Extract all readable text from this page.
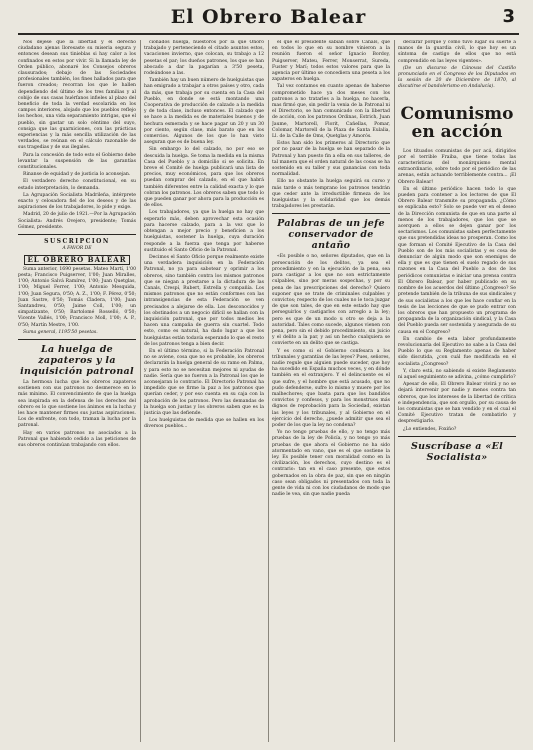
El Obrero Balear	3

Nos dejese que la libertad y el derecho ciudadano ajenas lloresaste su miseria segura y entonces desean sus tinieblas si hay calor a los confinados en estos por vivir. Si la llamada ley de Orden público, abonaré los Consejos obreros clausurados; debajo de las Sociedades profesionales también, los fines hallados para que fueron creados; recorran los que le hallen dependiendo del último de los tres familias y al cobijo de sus casas huérfanos infieles al plazo del beneficio de toda la verdad escolarida en los campos interiores, alojado que los pueblos reflejo los hechos, una vida separamiento intrigas, que el pueblo, sin gastar un solo céntimo del suyo, consiga que las guarniciones, con las prácticas experiencias y la más sencilla utilización de las verdades, se reúnan en el cálculo razonable de sus tragedias y de sus ilegales.

Para la concesión de todo esto el Gobierno debe levantar la suspensión de las garantías constitucionales.

Rinanse de equidad y de justicia lo aconsejan.

El verdadero derecho constitucional, en su estado interpretación, lo demanda.

La Agrupación Socialista Madrileña, intérprete exacto y celosadora fiel de los deseos y de las aspiraciones de los trabajadores, lo pide y exige.

Madrid, 20 de julio de 1921.—Por la Agrupación Socialista: Andrés Ovejero, presidente; Tomás Gómez, presidente.

SUSCRIPCION
A FAVOR DE
EL OBRERO BALEAR

Suma anterior, 1690 pesetas. Mateo Martí, 1'00 pesta; Francisco Puigserver, 1'00; Juan Miralles, 1'00; Antonio Salvá Ramírez, 1'00; Juan Quetglas, 1'00; Miguel Ferrer, 1'00; Antonio Mesquida, 1'00; Juan Segura, 0'50; A. Z., 1'00; F. Pérez, 0'50; Juan Sastre, 0'50; Tomás Cladera, 1'00; Juan Santandreu, 0'50; Jaime Coll, 1'00; un simpatizante, 0'50; Bartolomé Rosselló, 0'50; Vicente Vallés, 1'00; Francisco Moll, 1'00; A. P., 0'50; Martín Mestre, 1'00.

Suma general, 1195'50 pesetas.

La huelga de zapateros y la inquisición patronal

La hermosa lucha que los obreros zapateros sostienen con sus patronos no desmerece en lo más mínimo. El convencimiento de que la huelga sea inspirada en la defensa de los derechos del obrero es lo que sostiene los ánimos en la lucha y les hace mantener firmes sus justas aspiraciones. Los de enfrente, con todo, traman la lucha por la patronal.

Hay en varios patronos no asociados a la Patronal que habiendo cedido a las peticiones de sus obreros continúan trabajando con ellos.

cionados huelga, huéstoros por la que Oñoro trabajado y perteneciendo el citado asuntos estos, vacaciones invierno, que colocan, su trabajo a 12 pesetas el par; los dueños patrones, los que se han abocado a dar la pagarían a 3'50 peseta, rodeándose a las.

También hay un buen número de huelguistas que han emigrado a trabajar a otros países y otro, cada da más, que trabaja por su cuenta en la Casa del Pueblo, en donde se está montando una Cooperativa de producción de calzado a la medida y de toda clase, incluso entonces. El calzado que se hace a la medida es de materiales buenos y de hechura esmerada y se hace pagar un 20 y un 30 por ciento, según clase, más barato que en los comercios. Algunos de los que lo han visto aseguran que es de buena ley.

Sin embargo lo del calzado, no por eso se descuida la huelga. Se toma la medida en la misma Casa del Pueblo y a domicilio si se solicita. En breve el Comité de huelga publicará una lista de precios, muy económicos, para que los obreros puedan comprar del calzado, en el que habrá también diferentes entre la calidad exacta y lo que cobran los patronos. Los obreros saben que todo lo que pueden ganar por ahora para la producción es de ellos.

Los trabajadores, ya que la huelga no hay que esperarlo más, deben aprovechar esta ocasión para hacerse calzado, para a la vez que lo obtengan a mejor precio y beneficien a los huelguistas, sostener la huelga, cuya duración responde a la fuerza que tenga por haberse sustituido el Santo Oficio de la Patronal.

Decimos el Santo Oficio porque realmente existe una verdadera inquisición en la Federación Patronal, no ya para sabotear y oprimir a los obreros, sino también contra los mismos patronos que se niegan a prestarse a la dictadura de las Canals, Crespí, Rubert, Estrella y compañía. Los mismos patronos que no están conformes con las intransigencias de esta Federación se ven precisados a alejarse de ella. Los desconocidos y los obstinados a un negocio difícil se hallan con la inquisición patronal, que por todos medios les hacen una campaña de guerra sin cuartel. Todo esto, como es natural, ha dado lugar a que los huelguistas están todavía esperando lo que el resto de los patronos tenga a bien decir.

En el último término, si la Federación Patronal no se aviene, cosa que no es probable, los obreros declararán la huelga general de su ramo en Palma, y para esto no se necesitan mejores ni ayudas de nadie. Sería que no fueron a la Patronal los que le aconsejaran lo contrario. El Directorio Patronal ha impedido que se firme la paz a los patronos que querían ceder, y por eso cuenta en su caja con la aprobación de los patronos. Pero las demandas de la huelga son justas y los obreros saben que es la justicia que las defiende.

Los huelguistas de medida que se hallen en los diversos pueblos...

el que el presidente sabían sobre Canals, que en todos lo que en su nombre vinieron a la reunión fueron el señor Ignacio Bordoy, Puigserver, Mateu, Ferrer, Monserrat, Sureda, Fuster y Marí; todos estos valores para que la agencia por último se concediera una peseta a los zapateros en huelga.

Tal vez contamos en cuanto apenas de haberse comprometido hace ya dos meses con los patronos a no tratarles a la huelga, no hacerla, mas firmó que, sin pedir la venia de la Patronal ni el Directorio, se han comunicado con la libertad de acción, con los patronos Ordinas, Estrich, Juan Jaume, Martorell, Florit, Cañellas, Pomar, Colomar, Martorell de la Plaza de Santa Eulalia, Ll. de la Calle de Oms, Quetglas y Amorós.

Estos han sido los primeros al Directorio que por no pasar de la huelga se han separado de la Patronal y han puesto fin a ella en sus talleres, de tal manera que el orden natural de las cosas se ha sostenido en su taller y sus ganancias con toda normalidad.

Ello no obstante la huelga seguirá su curso y más tarde o más temprano los patronos tendrán que ceder ante la irreductible firmeza de los huelguistas y la solidaridad que los demás trabajadores les prestarán.

Palabras de un jefe conservador de antaño

«Es posible o no, señores diputados, que en la persecución de los delitos, ya sea el procedimiento y en la ejecución de la pena, sea para castigar a los que no son estrictamente culpables, sino por meras sospechas, y por su pena de las prescripciones del derecho? Quiero suponer que se trate de criminales culpables y convictos; respecto de los cuales no le toca juzgar de que son tales, de que en este estado hay que perseguirlos y castigarlos con arreglo a la ley; pero es que de un modo u otro se deja a la autoridad. Tales como sucede, algunos vienen con pena, pero sin el debido procedimiento, sin juicio y el delito a la par, y así un hecho cualquiera se convierte en un delito que se castiga.

Y es como si el Gobierno confesara a los tribunales y garantías de las leyes? Pues, señores, nadie regule que alguien puede suceder, que hoy ha sucedido en España muchos veces, y en dónde también en el extranjero. Y el delincuente es el que sufre, y el hombre que está acusado, que no pudo defenderse, sufre lo mismo y muere por los malhechores; que basta para que los bandidos convictos y confesos, y para los monstruos más dignos de reprobación para la Sociedad, existan las leyes y los tribunales, y al Gobierno en el ejercicio del derecho, ¿puede admitir que sea el poder de los que la ley no condena?

Yo no tengo pruebas de ello, y no tengo más pruebas de la ley de Policía, y no tengo yo más pruebas de que ahora el Gobierno no ha sido atormentado en vano, que es el que sostiene la ley. Es posible tener con moralidad como en la civilización, los derechos, cuyo destino es el contrario: tan en el caso presente, que estos gobernados en la obra de paz, sin que en ningún caso sean obligados ni presentados con toda la gente de vida ni con los ciudadanos de modo que nadie le vea, sin que nadie pueda

declarar porque y como tuvo lugar su suerte a manos de la guardia civil, lo que hoy es un síntoma de castigo de ellos que no está comprendido en las leyes vigentes».

(De un discurso de Cánovas del Castillo pronunciado en el Congreso de los Diputados en la sesión de 20 de Diciembre de 1870, al discutirse el bandolerismo en Andalucía).

Comunismo en acción

Los tituados comunistas de por acá, dirigidos por el terrible Fraiba, que tiene todas las características del monárquismo mental extraordinario, sobre todo por el periódico de las arenas, están actuando terriblemente contra... ¡El Obrero Balear!

En el último periódico hacen todo lo que pueden para contener a los lectores de que El Obrero Balear transmite su propaganda. ¿Cómo se explicaba esto? Solo se puede ver en el deseo de la Dirección comunista de que en una parte al menos de los trabajadores, que los que se acerquen a ellos se dejen ganar por los sectarismos. Los comunistas saben perfectamente que sus pretendidas ideas no prosperan. Como los que forman el Comité Ejecutivo de la Casa del Pueblo son de los más socialistas y es cosa de denunciar de algún modo que son enemigos de ella y que es que tienen el suelo regado de sus razones en la Casa del Pueblo a dos de los periódicos comunistas e iniciar una prensa contra El Obrero Balear, por haber publicado en su nombre de los acuerdos del último ¿Congreso? Se pretende también de la tribuna de sus sindicales y de sus socialistas a los que les hace confiar en la tesis de las lecciones de que se pudo entrar con los obreros que han propuesto un programa de propaganda de la organización sindical, y la Casa del Pueblo pueda ser sostenida y asegurada de su causa en el Congreso?

En cambio de esta labor profundamente revolucionaria del Ejecutivo no sabe a la Casa del Pueblo lo que su Reglamento apenas de haber sido discutida, ¿con cuál fue modificada en el socialista ¿Congreso?

Y, claro está, no sabiendo si existe Reglamento ni aquel seguimiento se adivina, ¿cómo cumplirlo?

Apesar de ello, El Obrero Balear vivirá y no se dejará intervenir por nadie y menos contra tan obreros, que los intereses de la libertad de crítica e independencia, que son orgullo, por su causa de los comunistas que se han vendido y en el cual el Comité Ejecutivo tratan de combatirlo y desprestigiarlo.

¿Lo entiendes, Foxiño?

Suscríbase a «El Socialista»
